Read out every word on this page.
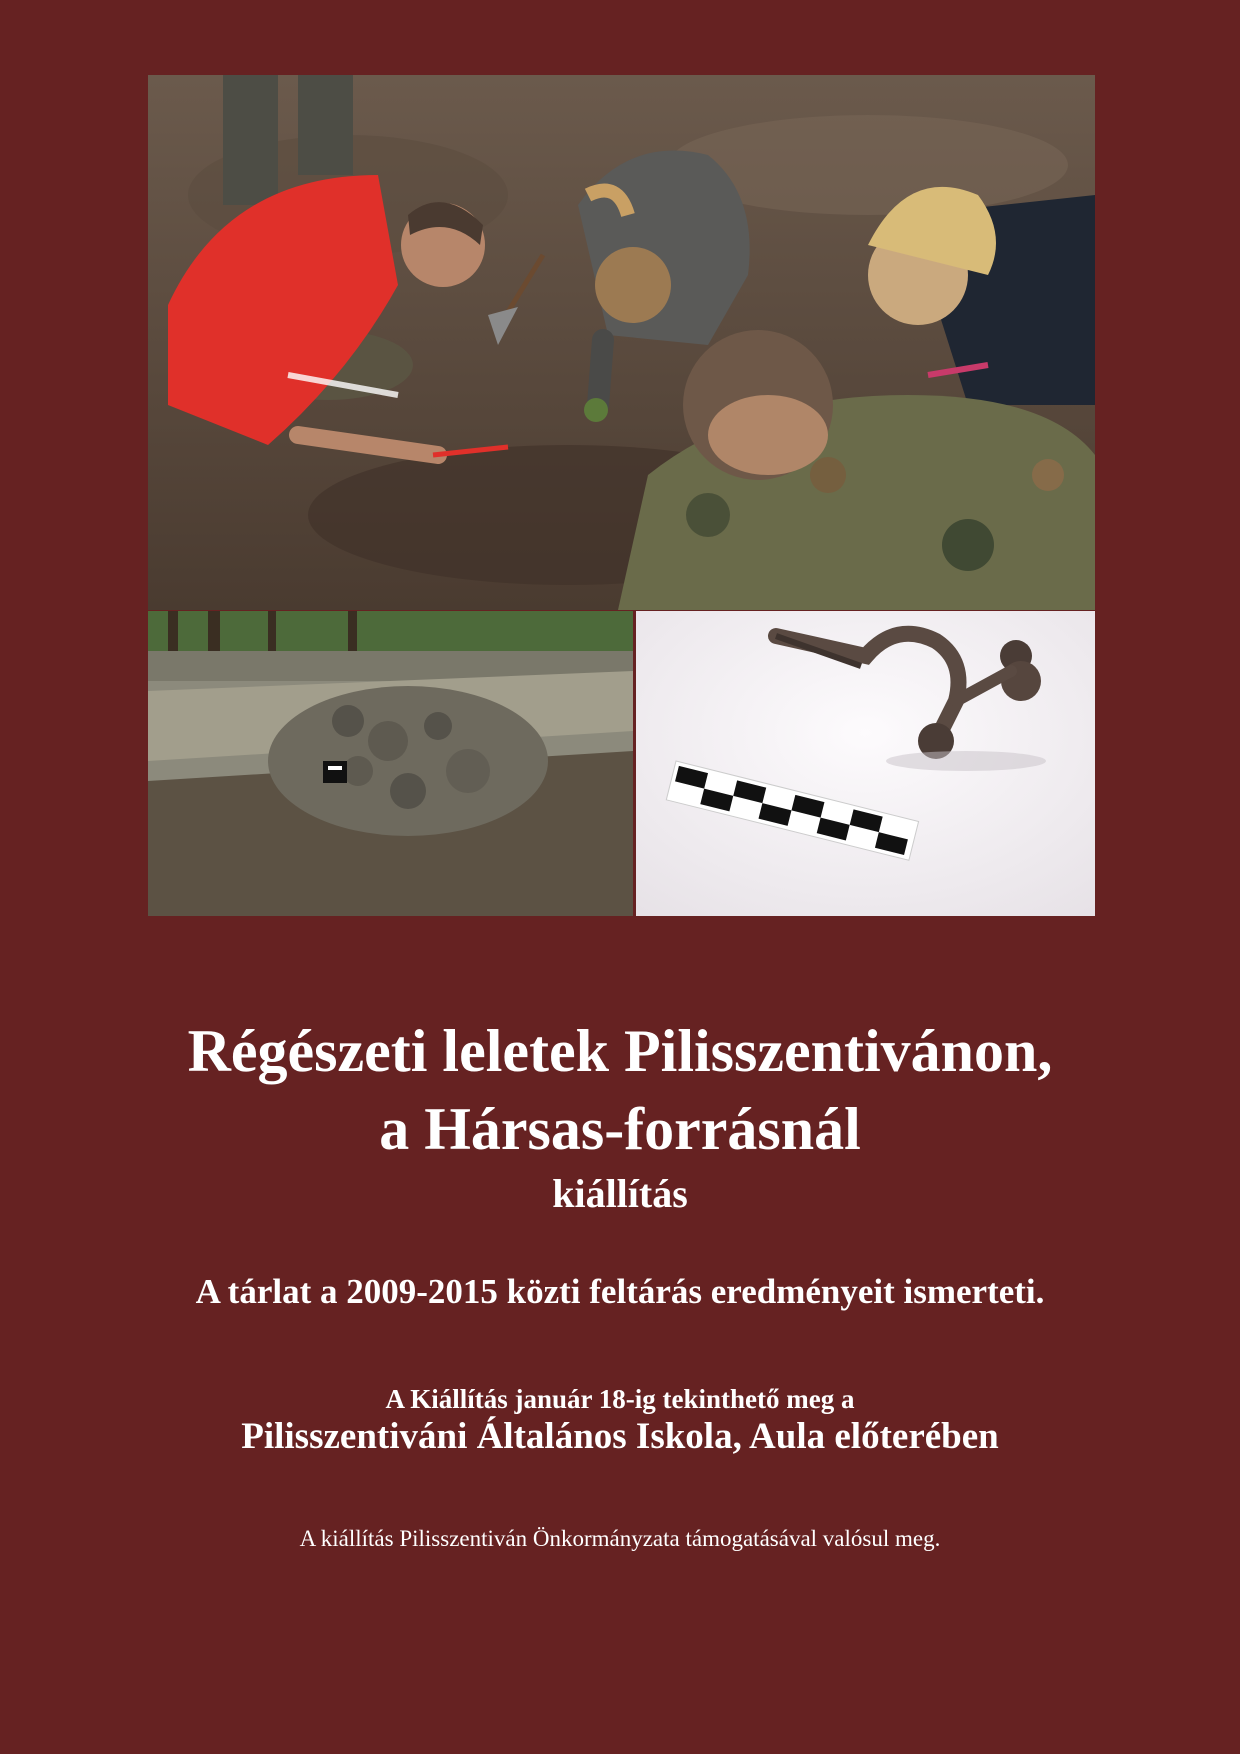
Régészeti leletek Pilisszentivánon,
a Hársas-forrásnál
kiállítás
A tárlat a 2009-2015 közti feltárás eredményeit ismerteti.
A Kiállítás január 18-ig tekinthető meg a
Pilisszentiváni Általános Iskola, Aula előterében
A kiállítás Pilisszentiván Önkormányzata támogatásával valósul meg.
